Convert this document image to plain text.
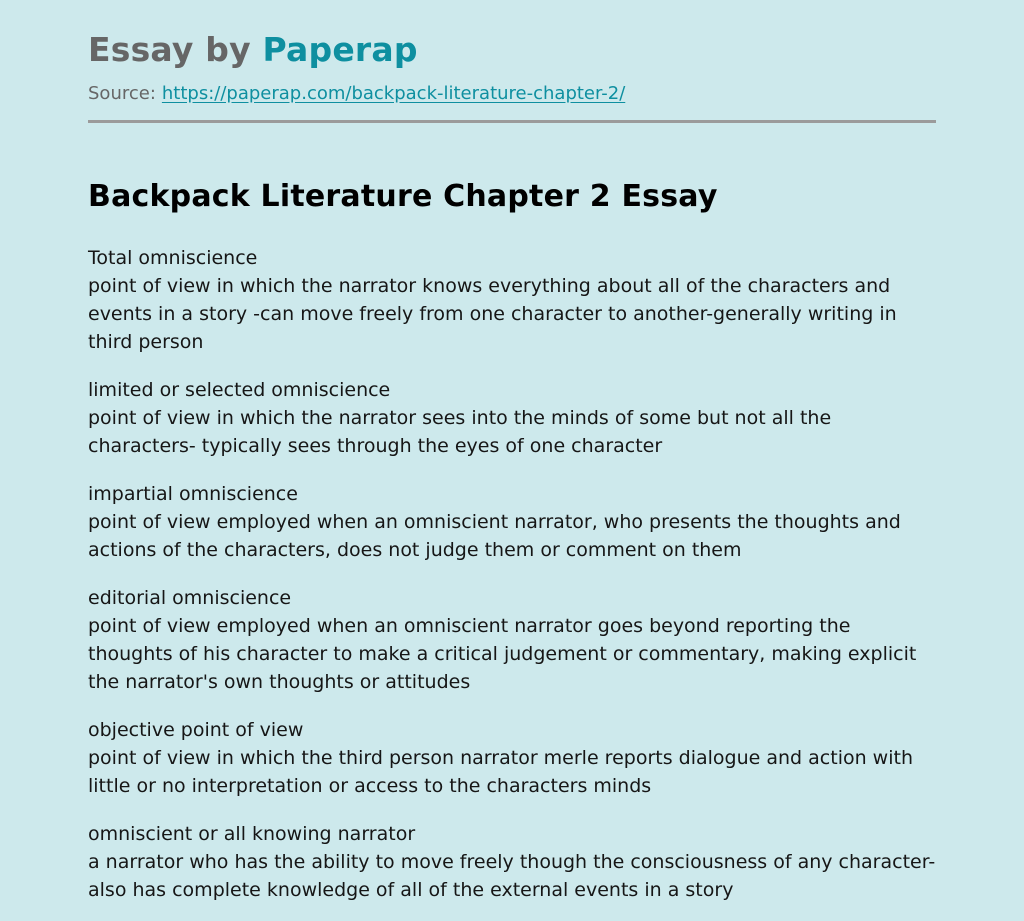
Essay by Paperap

Source: https://paperap.com/backpack-literature-chapter-2/

Backpack Literature Chapter 2 Essay
Total omniscience
point of view in which the narrator knows everything about all of the characters and events in a story -can move freely from one character to another-generally writing in third person
limited or selected omniscience
point of view in which the narrator sees into the minds of some but not all the characters- typically sees through the eyes of one character
impartial omniscience
point of view employed when an omniscient narrator, who presents the thoughts and actions of the characters, does not judge them or comment on them
editorial omniscience
point of view employed when an omniscient narrator goes beyond reporting the thoughts of his character to make a critical judgement or commentary, making explicit the narrator's own thoughts or attitudes
objective point of view
point of view in which the third person narrator merle reports dialogue and action with little or no interpretation or access to the characters minds
omniscient or all knowing narrator
a narrator who has the ability to move freely though the consciousness of any character- also has complete knowledge of all of the external events in a story
